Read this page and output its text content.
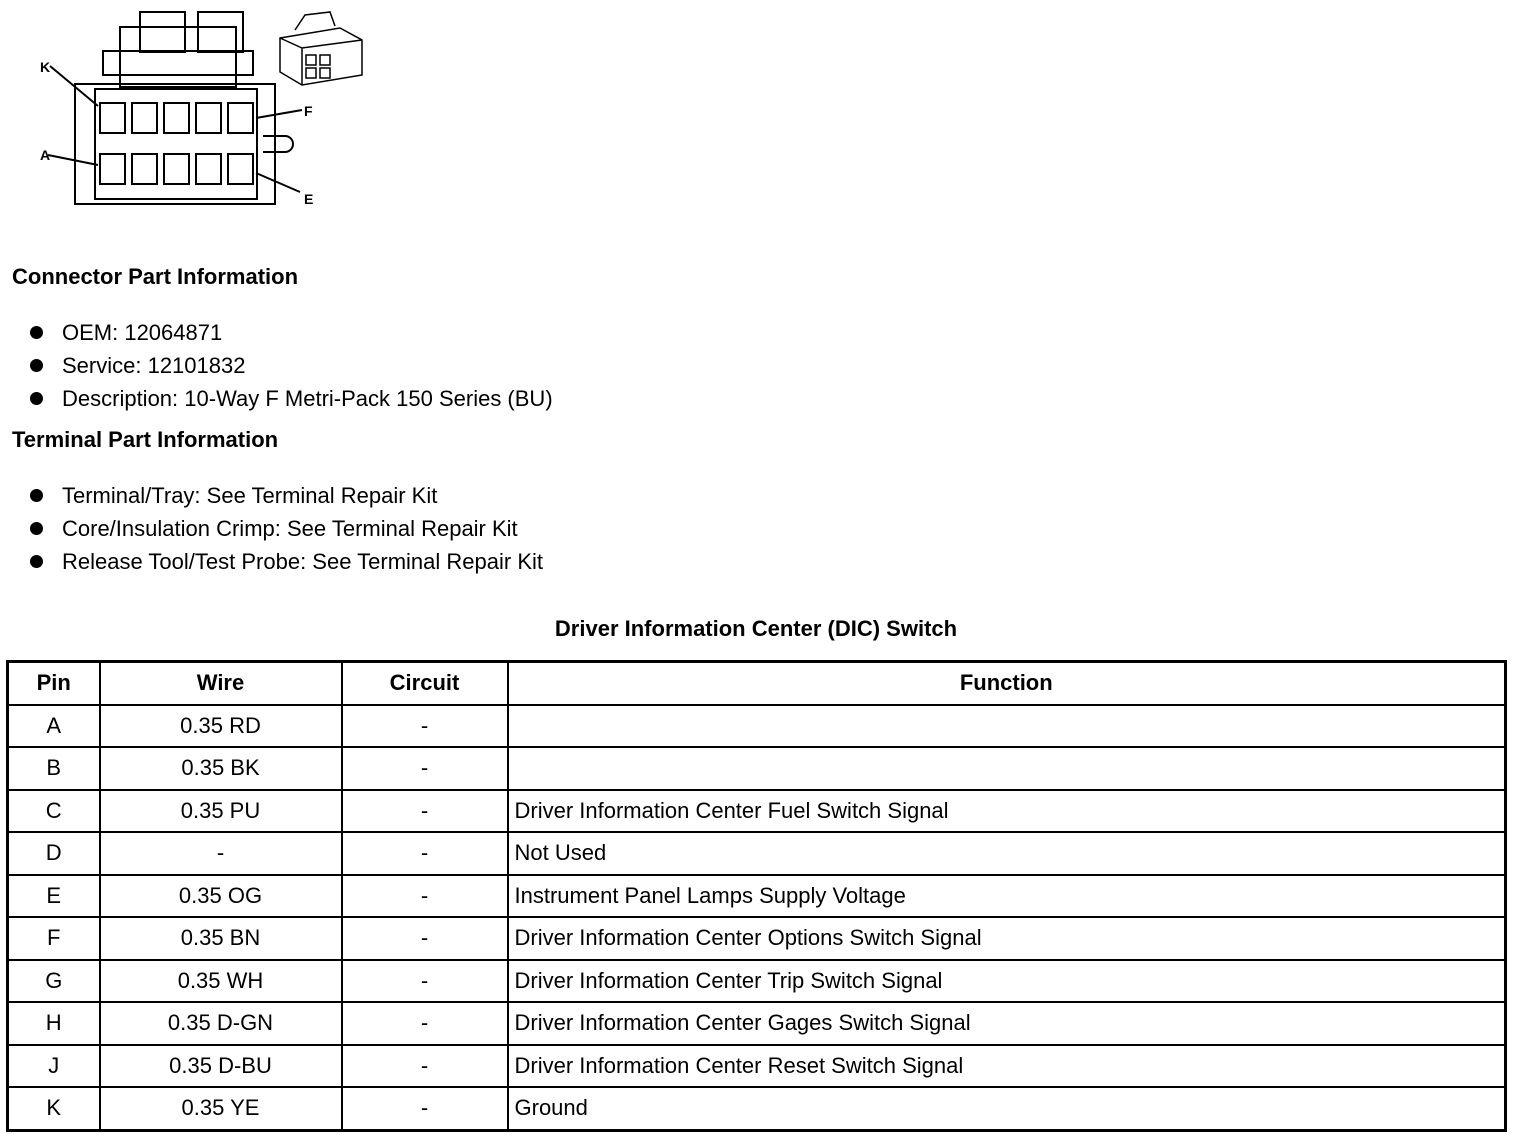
K
F
A
E
Connector Part Information
OEM: 12064871
Service: 12101832
Description: 10-Way F Metri-Pack 150 Series (BU)
Terminal Part Information
Terminal/Tray: See Terminal Repair Kit
Core/Insulation Crimp: See Terminal Repair Kit
Release Tool/Test Probe: See Terminal Repair Kit
Driver Information Center (DIC) Switch
Pin	Wire	Circuit	Function
A	0.35 RD	-	
B	0.35 BK	-	
C	0.35 PU	-	Driver Information Center Fuel Switch Signal
D	-	-	Not Used
E	0.35 OG	-	Instrument Panel Lamps Supply Voltage
F	0.35 BN	-	Driver Information Center Options Switch Signal
G	0.35 WH	-	Driver Information Center Trip Switch Signal
H	0.35 D-GN	-	Driver Information Center Gages Switch Signal
J	0.35 D-BU	-	Driver Information Center Reset Switch Signal
K	0.35 YE	-	Ground
